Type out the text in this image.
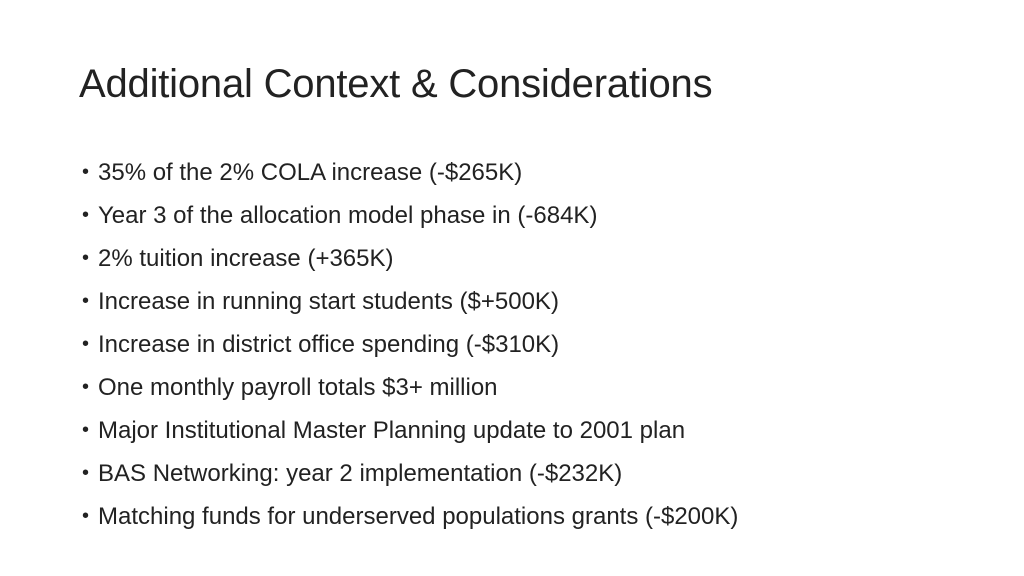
Additional Context & Considerations
• 35% of the 2% COLA increase (-$265K)
• Year 3 of the allocation model phase in (-684K)
• 2% tuition increase (+365K)
• Increase in running start students ($+500K)
• Increase in district office spending (-$310K)
• One monthly payroll totals $3+ million
• Major Institutional Master Planning update to 2001 plan
• BAS Networking: year 2 implementation (-$232K)
• Matching funds for underserved populations grants (-$200K)
